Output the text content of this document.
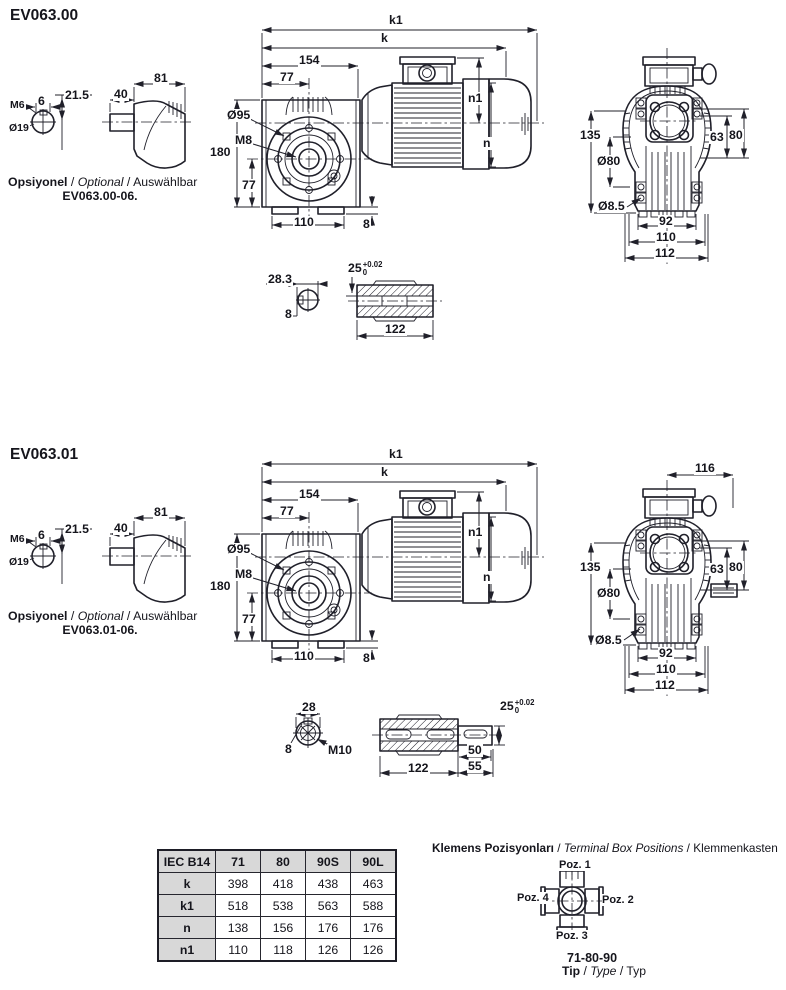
EV063.00
M6 6 21.5
Ø19
40
81
Opsiyonel / Optional / Auswählbar
EV063.00-06.
k1
k
154
77
n1
n
Ø95
M8
180
77
110	8
135
Ø80
63 80
Ø8.5
92
110
112
28.3
8
25 +0.02
0
122
EV063.01
M6 6 21.5
Ø19
40
81
Opsiyonel / Optional / Auswählbar
EV063.01-06.
k1
k
154
77
n1
n
Ø95
M8
180
77
110	8
116
135
Ø80
63 80
Ø8.5
92
110
112
28
8	M10
122
50
55
25 +0.02
0
IEC B14	71	80	90S	90L
k	398	418	438	463
k1	518	538	563	588
n	138	156	176	176
n1	110	118	126	126
Klemens Pozisyonları / Terminal Box Positions / Klemmenkasten
Poz. 1
Poz. 2
Poz. 3
Poz. 4
71-80-90
Tip / Type / Typ
